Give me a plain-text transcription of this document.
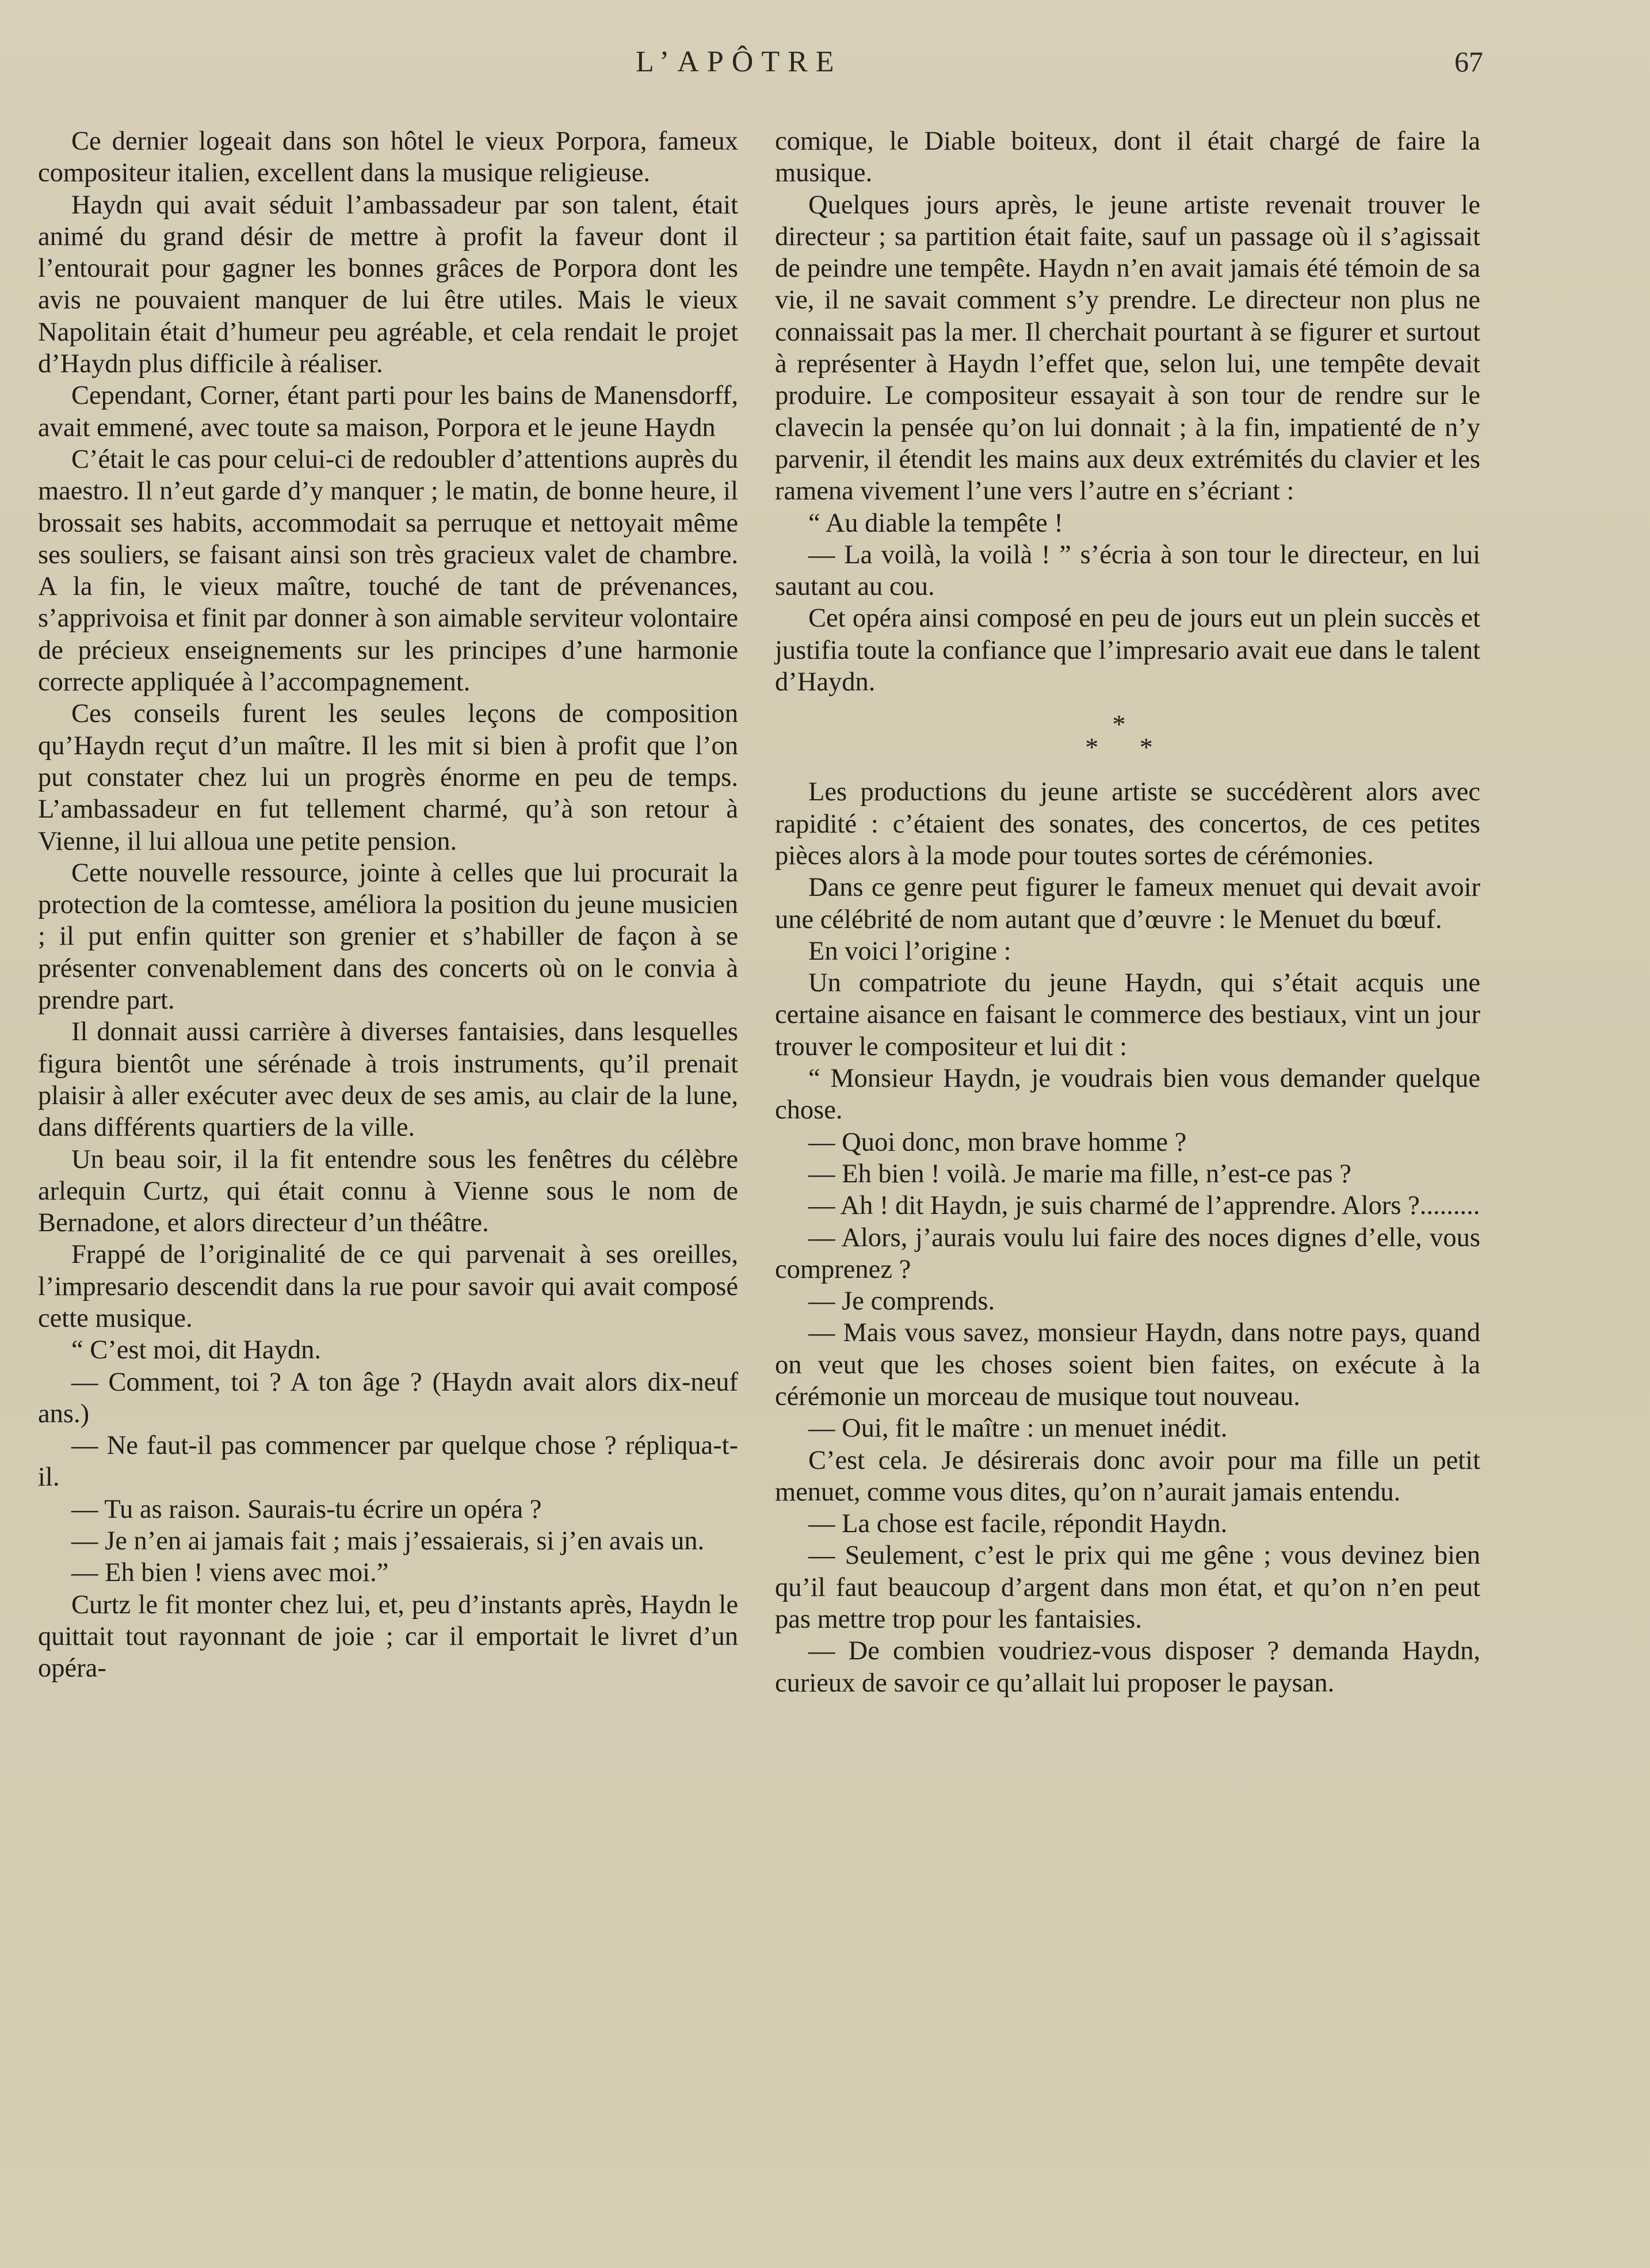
L’APÔTRE	67

Ce dernier logeait dans son hôtel le vieux Porpora, fameux compositeur italien, excellent dans la musique religieuse.

Haydn qui avait séduit l’ambassadeur par son talent, était animé du grand désir de mettre à profit la faveur dont il l’entourait pour gagner les bonnes grâces de Porpora dont les avis ne pouvaient manquer de lui être utiles. Mais le vieux Napolitain était d’humeur peu agréable, et cela rendait le projet d’Haydn plus difficile à réaliser.

Cependant, Corner, étant parti pour les bains de Manensdorff, avait emmené, avec toute sa maison, Porpora et le jeune Haydn

C’était le cas pour celui-ci de redoubler d’attentions auprès du maestro. Il n’eut garde d’y manquer ; le matin, de bonne heure, il brossait ses habits, accommodait sa perruque et nettoyait même ses souliers, se faisant ainsi son très gracieux valet de chambre. A la fin, le vieux maître, touché de tant de prévenances, s’apprivoisa et finit par donner à son aimable serviteur volontaire de précieux enseignements sur les principes d’une harmonie correcte appliquée à l’accompagnement.

Ces conseils furent les seules leçons de composition qu’Haydn reçut d’un maître. Il les mit si bien à profit que l’on put constater chez lui un progrès énorme en peu de temps. L’ambassadeur en fut tellement charmé, qu’à son retour à Vienne, il lui alloua une petite pension.

Cette nouvelle ressource, jointe à celles que lui procurait la protection de la comtesse, améliora la position du jeune musicien ; il put enfin quitter son grenier et s’habiller de façon à se présenter convenablement dans des concerts où on le convia à prendre part.

Il donnait aussi carrière à diverses fantaisies, dans lesquelles figura bientôt une sérénade à trois instruments, qu’il prenait plaisir à aller exécuter avec deux de ses amis, au clair de la lune, dans différents quartiers de la ville.

Un beau soir, il la fit entendre sous les fenêtres du célèbre arlequin Curtz, qui était connu à Vienne sous le nom de Bernadone, et alors directeur d’un théâtre.

Frappé de l’originalité de ce qui parvenait à ses oreilles, l’impresario descendit dans la rue pour savoir qui avait composé cette musique.

“ C’est moi, dit Haydn.

— Comment, toi ? A ton âge ? (Haydn avait alors dix-neuf ans.)

— Ne faut-il pas commencer par quelque chose ? répliqua-t-il.

— Tu as raison. Saurais-tu écrire un opéra ?

— Je n’en ai jamais fait ; mais j’essaierais, si j’en avais un.

— Eh bien ! viens avec moi.”

Curtz le fit monter chez lui, et, peu d’instants après, Haydn le quittait tout rayonnant de joie ; car il emportait le livret d’un opéra-

comique, le Diable boiteux, dont il était chargé de faire la musique.

Quelques jours après, le jeune artiste revenait trouver le directeur ; sa partition était faite, sauf un passage où il s’agissait de peindre une tempête. Haydn n’en avait jamais été témoin de sa vie, il ne savait comment s’y prendre. Le directeur non plus ne connaissait pas la mer. Il cherchait pourtant à se figurer et surtout à représenter à Haydn l’effet que, selon lui, une tempête devait produire. Le compositeur essayait à son tour de rendre sur le clavecin la pensée qu’on lui donnait ; à la fin, impatienté de n’y parvenir, il étendit les mains aux deux extrémités du clavier et les ramena vivement l’une vers l’autre en s’écriant :

“ Au diable la tempête !

— La voilà, la voilà ! ” s’écria à son tour le directeur, en lui sautant au cou.

Cet opéra ainsi composé en peu de jours eut un plein succès et justifia toute la confiance que l’impresario avait eue dans le talent d’Haydn.

*
* *

Les productions du jeune artiste se succédèrent alors avec rapidité : c’étaient des sonates, des concertos, de ces petites pièces alors à la mode pour toutes sortes de cérémonies.

Dans ce genre peut figurer le fameux menuet qui devait avoir une célébrité de nom autant que d’œuvre : le Menuet du bœuf.

En voici l’origine :

Un compatriote du jeune Haydn, qui s’était acquis une certaine aisance en faisant le commerce des bestiaux, vint un jour trouver le compositeur et lui dit :

“ Monsieur Haydn, je voudrais bien vous demander quelque chose.

— Quoi donc, mon brave homme ?

— Eh bien ! voilà. Je marie ma fille, n’est-ce pas ?

— Ah ! dit Haydn, je suis charmé de l’apprendre. Alors ?.........

— Alors, j’aurais voulu lui faire des noces dignes d’elle, vous comprenez ?

— Je comprends.

— Mais vous savez, monsieur Haydn, dans notre pays, quand on veut que les choses soient bien faites, on exécute à la cérémonie un morceau de musique tout nouveau.

— Oui, fit le maître : un menuet inédit.

C’est cela. Je désirerais donc avoir pour ma fille un petit menuet, comme vous dites, qu’on n’aurait jamais entendu.

— La chose est facile, répondit Haydn.

— Seulement, c’est le prix qui me gêne ; vous devinez bien qu’il faut beaucoup d’argent dans mon état, et qu’on n’en peut pas mettre trop pour les fantaisies.

— De combien voudriez-vous disposer ? demanda Haydn, curieux de savoir ce qu’allait lui proposer le paysan.
